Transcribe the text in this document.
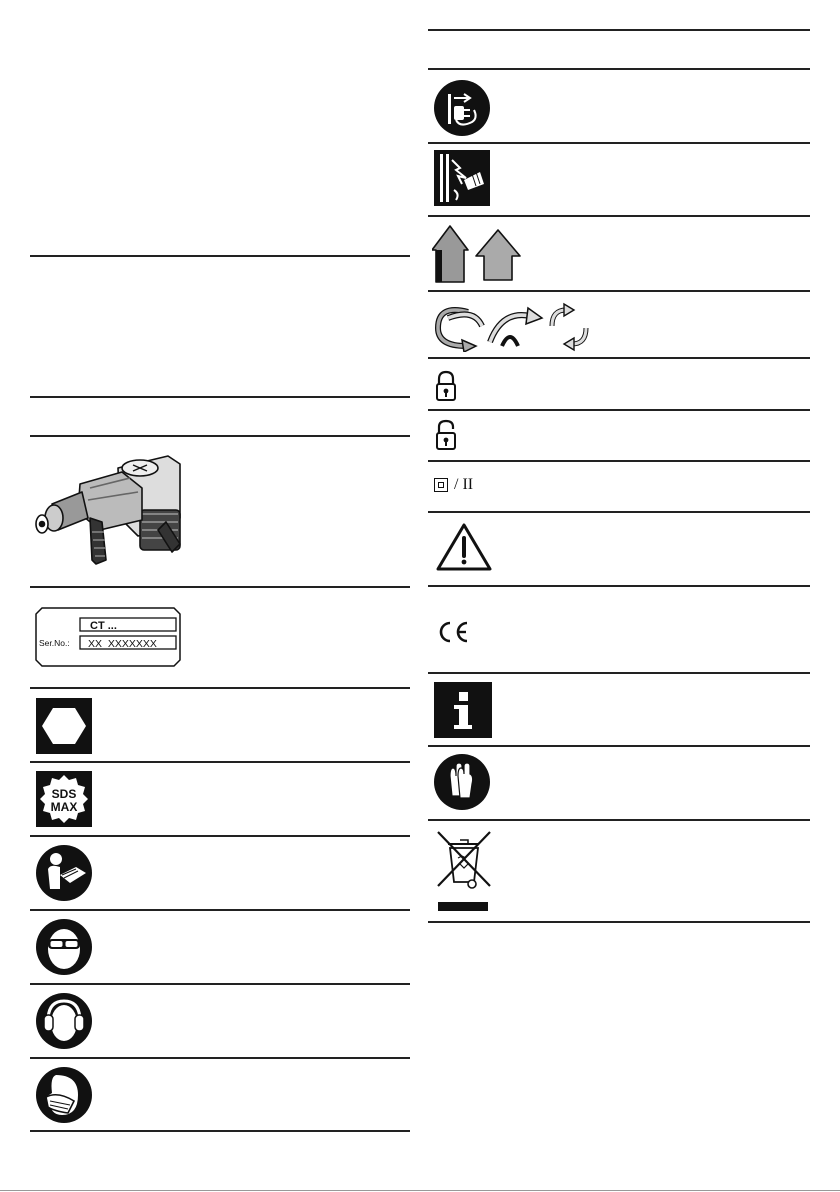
CT ...
Ser.No.: XX  XXXXXXX
SDS
MAX
/ II
